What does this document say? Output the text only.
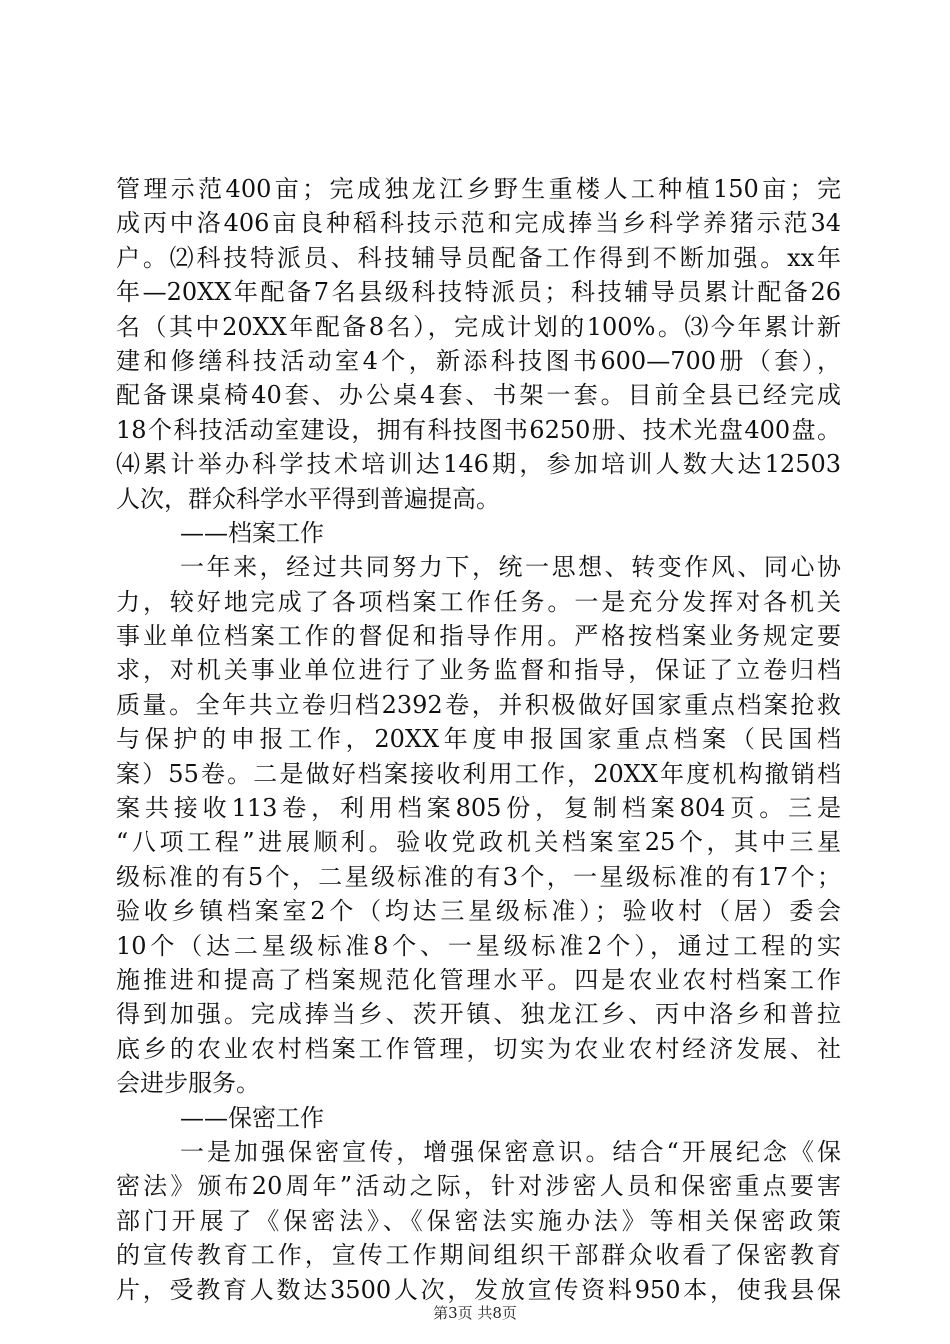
管理示范400亩；完成独龙江乡野生重楼人工种植150亩；完
成丙中洛406亩良种稻科技示范和完成捧当乡科学养猪示范34
户。⑵科技特派员、科技辅导员配备工作得到不断加强。xx年
年—20XX年配备7名县级科技特派员；科技辅导员累计配备26
名（其中20XX年配备8名），完成计划的100%。⑶今年累计新
建和修缮科技活动室4个，新添科技图书600—700册（套），
配备课桌椅40套、办公桌4套、书架一套。目前全县已经完成
18个科技活动室建设，拥有科技图书6250册、技术光盘400盘。
⑷累计举办科学技术培训达146期，参加培训人数大达12503
人次，群众科学水平得到普遍提高。
——档案工作
一年来，经过共同努力下，统一思想、转变作风、同心协
力，较好地完成了各项档案工作任务。一是充分发挥对各机关
事业单位档案工作的督促和指导作用。严格按档案业务规定要
求，对机关事业单位进行了业务监督和指导，保证了立卷归档
质量。全年共立卷归档2392卷，并积极做好国家重点档案抢救
与保护的申报工作，20XX年度申报国家重点档案（民国档
案）55卷。二是做好档案接收利用工作，20XX年度机构撤销档
案共接收113卷，利用档案805份，复制档案804页。三是
“八项工程”进展顺利。验收党政机关档案室25个，其中三星
级标准的有5个，二星级标准的有3个，一星级标准的有17个；
验收乡镇档案室2个（均达三星级标准）；验收村（居）委会
10个（达二星级标准8个、一星级标准2个），通过工程的实
施推进和提高了档案规范化管理水平。四是农业农村档案工作
得到加强。完成捧当乡、茨开镇、独龙江乡、丙中洛乡和普拉
底乡的农业农村档案工作管理，切实为农业农村经济发展、社
会进步服务。
——保密工作
一是加强保密宣传，增强保密意识。结合“开展纪念《保
密法》颁布20周年”活动之际，针对涉密人员和保密重点要害
部门开展了《保密法》、《保密法实施办法》等相关保密政策
的宣传教育工作，宣传工作期间组织干部群众收看了保密教育
片，受教育人数达3500人次，发放宣传资料950本，使我县保
第3页 共8页
